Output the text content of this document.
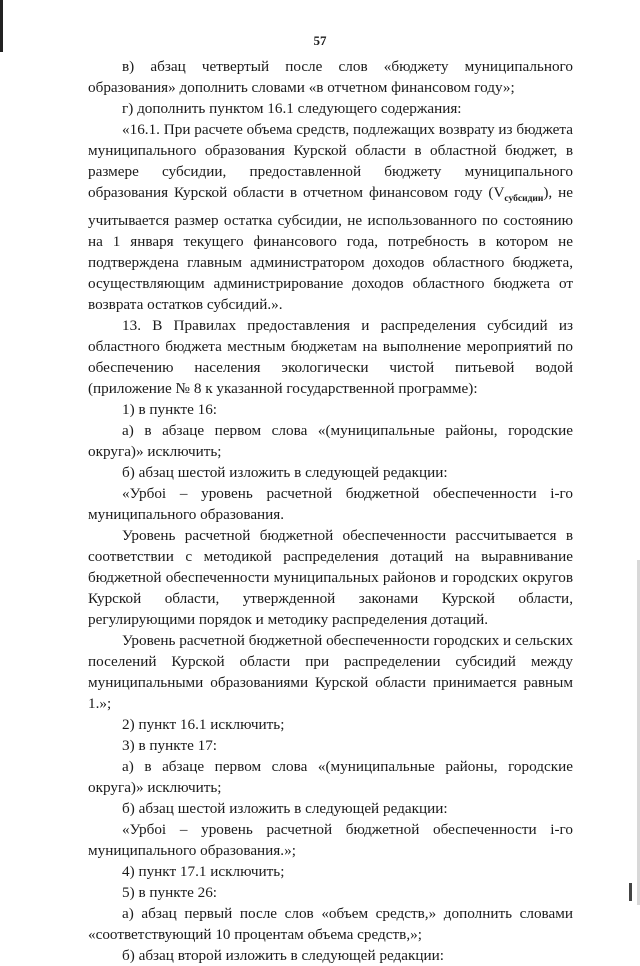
57

в) абзац четвертый после слов «бюджету муниципального образования» дополнить словами «в отчетном финансовом году»;

г) дополнить пунктом 16.1 следующего содержания:

«16.1. При расчете объема средств, подлежащих возврату из бюджета муниципального образования Курской области в областной бюджет, в размере субсидии, предоставленной бюджету муниципального образования Курской области в отчетном финансовом году $(V_{субсидии})$, не учитывается размер остатка субсидии, не использованного по состоянию на 1 января текущего финансового года, потребность в котором не подтверждена главным администратором доходов областного бюджета, осуществляющим администрирование доходов областного бюджета от возврата остатков субсидий.».

13. В Правилах предоставления и распределения субсидий из областного бюджета местным бюджетам на выполнение мероприятий по обеспечению населения экологически чистой питьевой водой (приложение № 8 к указанной государственной программе):

1) в пункте 16:

а) в абзаце первом слова «(муниципальные районы, городские округа)» исключить;

б) абзац шестой изложить в следующей редакции:

«Урбоi – уровень расчетной бюджетной обеспеченности i-го муниципального образования.

Уровень расчетной бюджетной обеспеченности рассчитывается в соответствии с методикой распределения дотаций на выравнивание бюджетной обеспеченности муниципальных районов и городских округов Курской области, утвержденной законами Курской области, регулирующими порядок и методику распределения дотаций.

Уровень расчетной бюджетной обеспеченности городских и сельских поселений Курской области при распределении субсидий между муниципальными образованиями Курской области принимается равным 1.»;

2) пункт 16.1 исключить;

3) в пункте 17:

а) в абзаце первом слова «(муниципальные районы, городские округа)» исключить;

б) абзац шестой изложить в следующей редакции:

«Урбоi – уровень расчетной бюджетной обеспеченности i-го муниципального образования.»;

4) пункт 17.1 исключить;

5) в пункте 26:

а) абзац первый после слов «объем средств,» дополнить словами «соответствующий 10 процентам объема средств,»;

б) абзац второй изложить в следующей редакции:
